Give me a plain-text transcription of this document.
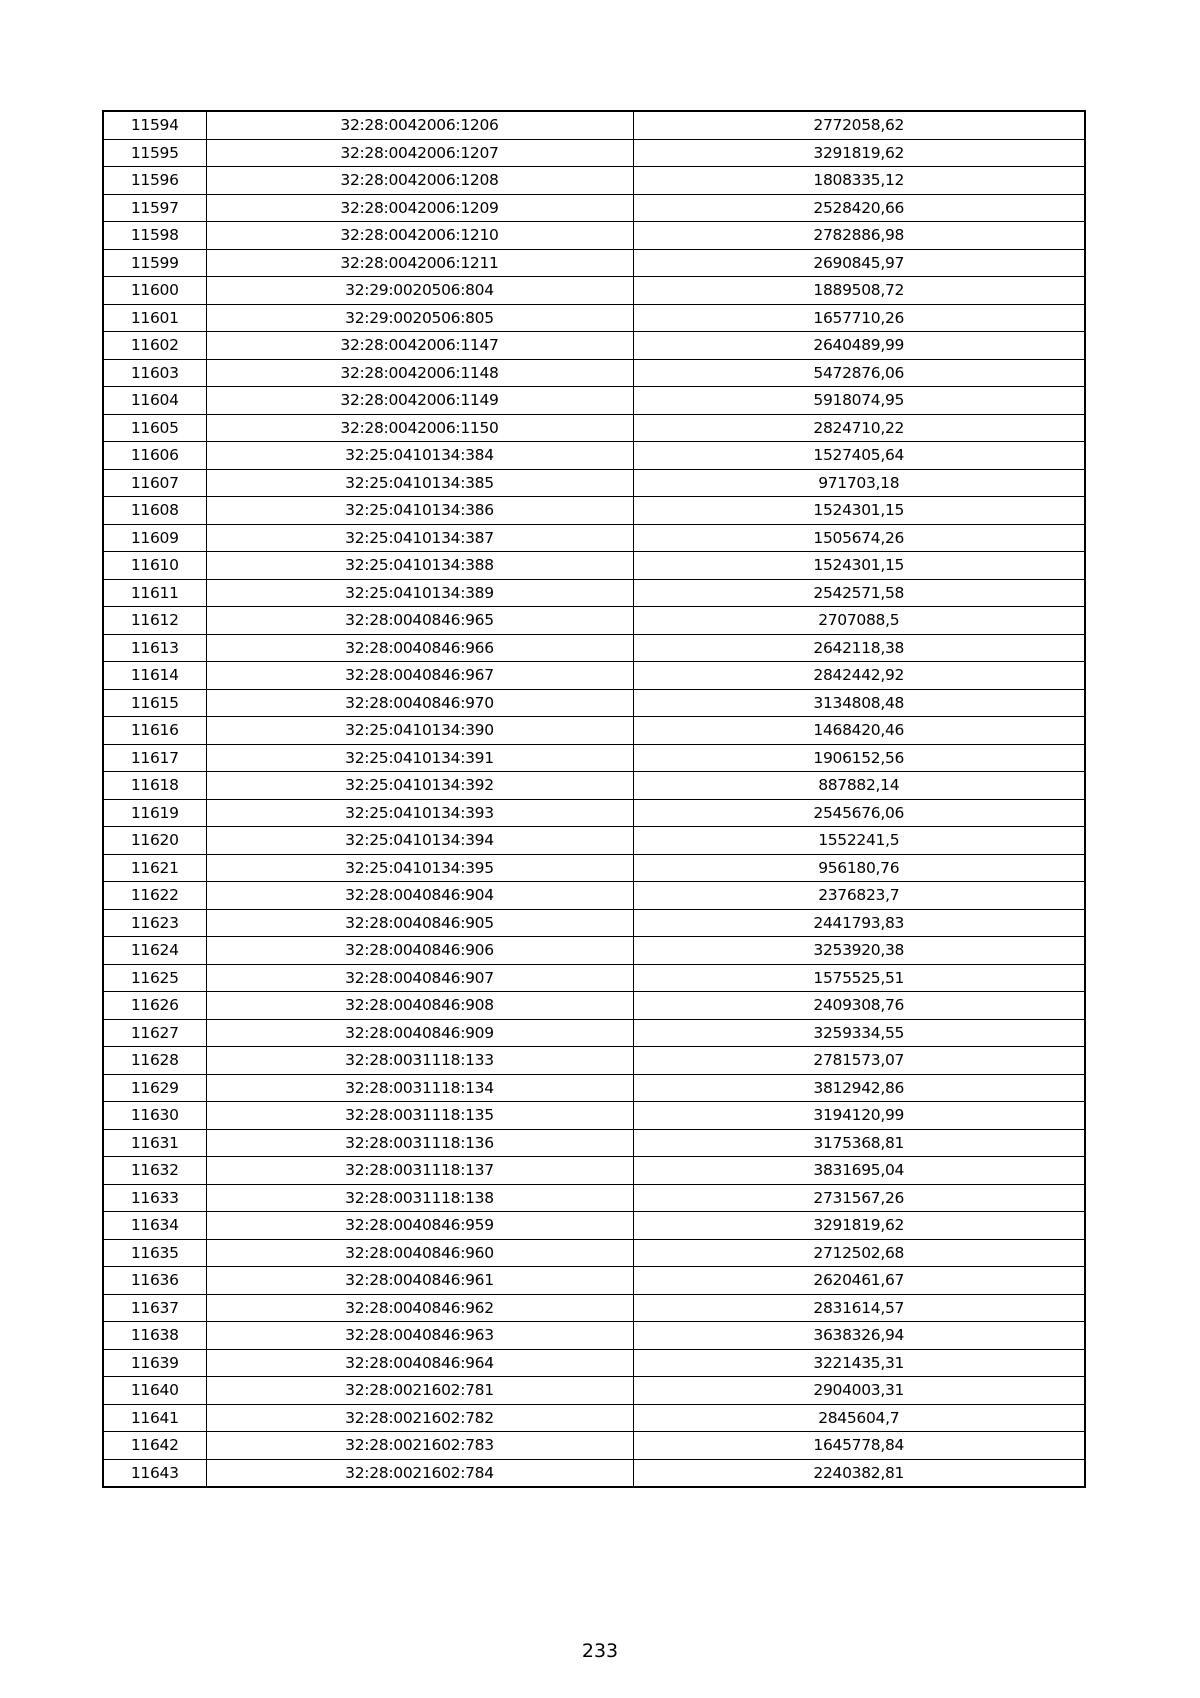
11594	32:28:0042006:1206	2772058,62
11595	32:28:0042006:1207	3291819,62
11596	32:28:0042006:1208	1808335,12
11597	32:28:0042006:1209	2528420,66
11598	32:28:0042006:1210	2782886,98
11599	32:28:0042006:1211	2690845,97
11600	32:29:0020506:804	1889508,72
11601	32:29:0020506:805	1657710,26
11602	32:28:0042006:1147	2640489,99
11603	32:28:0042006:1148	5472876,06
11604	32:28:0042006:1149	5918074,95
11605	32:28:0042006:1150	2824710,22
11606	32:25:0410134:384	1527405,64
11607	32:25:0410134:385	971703,18
11608	32:25:0410134:386	1524301,15
11609	32:25:0410134:387	1505674,26
11610	32:25:0410134:388	1524301,15
11611	32:25:0410134:389	2542571,58
11612	32:28:0040846:965	2707088,5
11613	32:28:0040846:966	2642118,38
11614	32:28:0040846:967	2842442,92
11615	32:28:0040846:970	3134808,48
11616	32:25:0410134:390	1468420,46
11617	32:25:0410134:391	1906152,56
11618	32:25:0410134:392	887882,14
11619	32:25:0410134:393	2545676,06
11620	32:25:0410134:394	1552241,5
11621	32:25:0410134:395	956180,76
11622	32:28:0040846:904	2376823,7
11623	32:28:0040846:905	2441793,83
11624	32:28:0040846:906	3253920,38
11625	32:28:0040846:907	1575525,51
11626	32:28:0040846:908	2409308,76
11627	32:28:0040846:909	3259334,55
11628	32:28:0031118:133	2781573,07
11629	32:28:0031118:134	3812942,86
11630	32:28:0031118:135	3194120,99
11631	32:28:0031118:136	3175368,81
11632	32:28:0031118:137	3831695,04
11633	32:28:0031118:138	2731567,26
11634	32:28:0040846:959	3291819,62
11635	32:28:0040846:960	2712502,68
11636	32:28:0040846:961	2620461,67
11637	32:28:0040846:962	2831614,57
11638	32:28:0040846:963	3638326,94
11639	32:28:0040846:964	3221435,31
11640	32:28:0021602:781	2904003,31
11641	32:28:0021602:782	2845604,7
11642	32:28:0021602:783	1645778,84
11643	32:28:0021602:784	2240382,81
233
